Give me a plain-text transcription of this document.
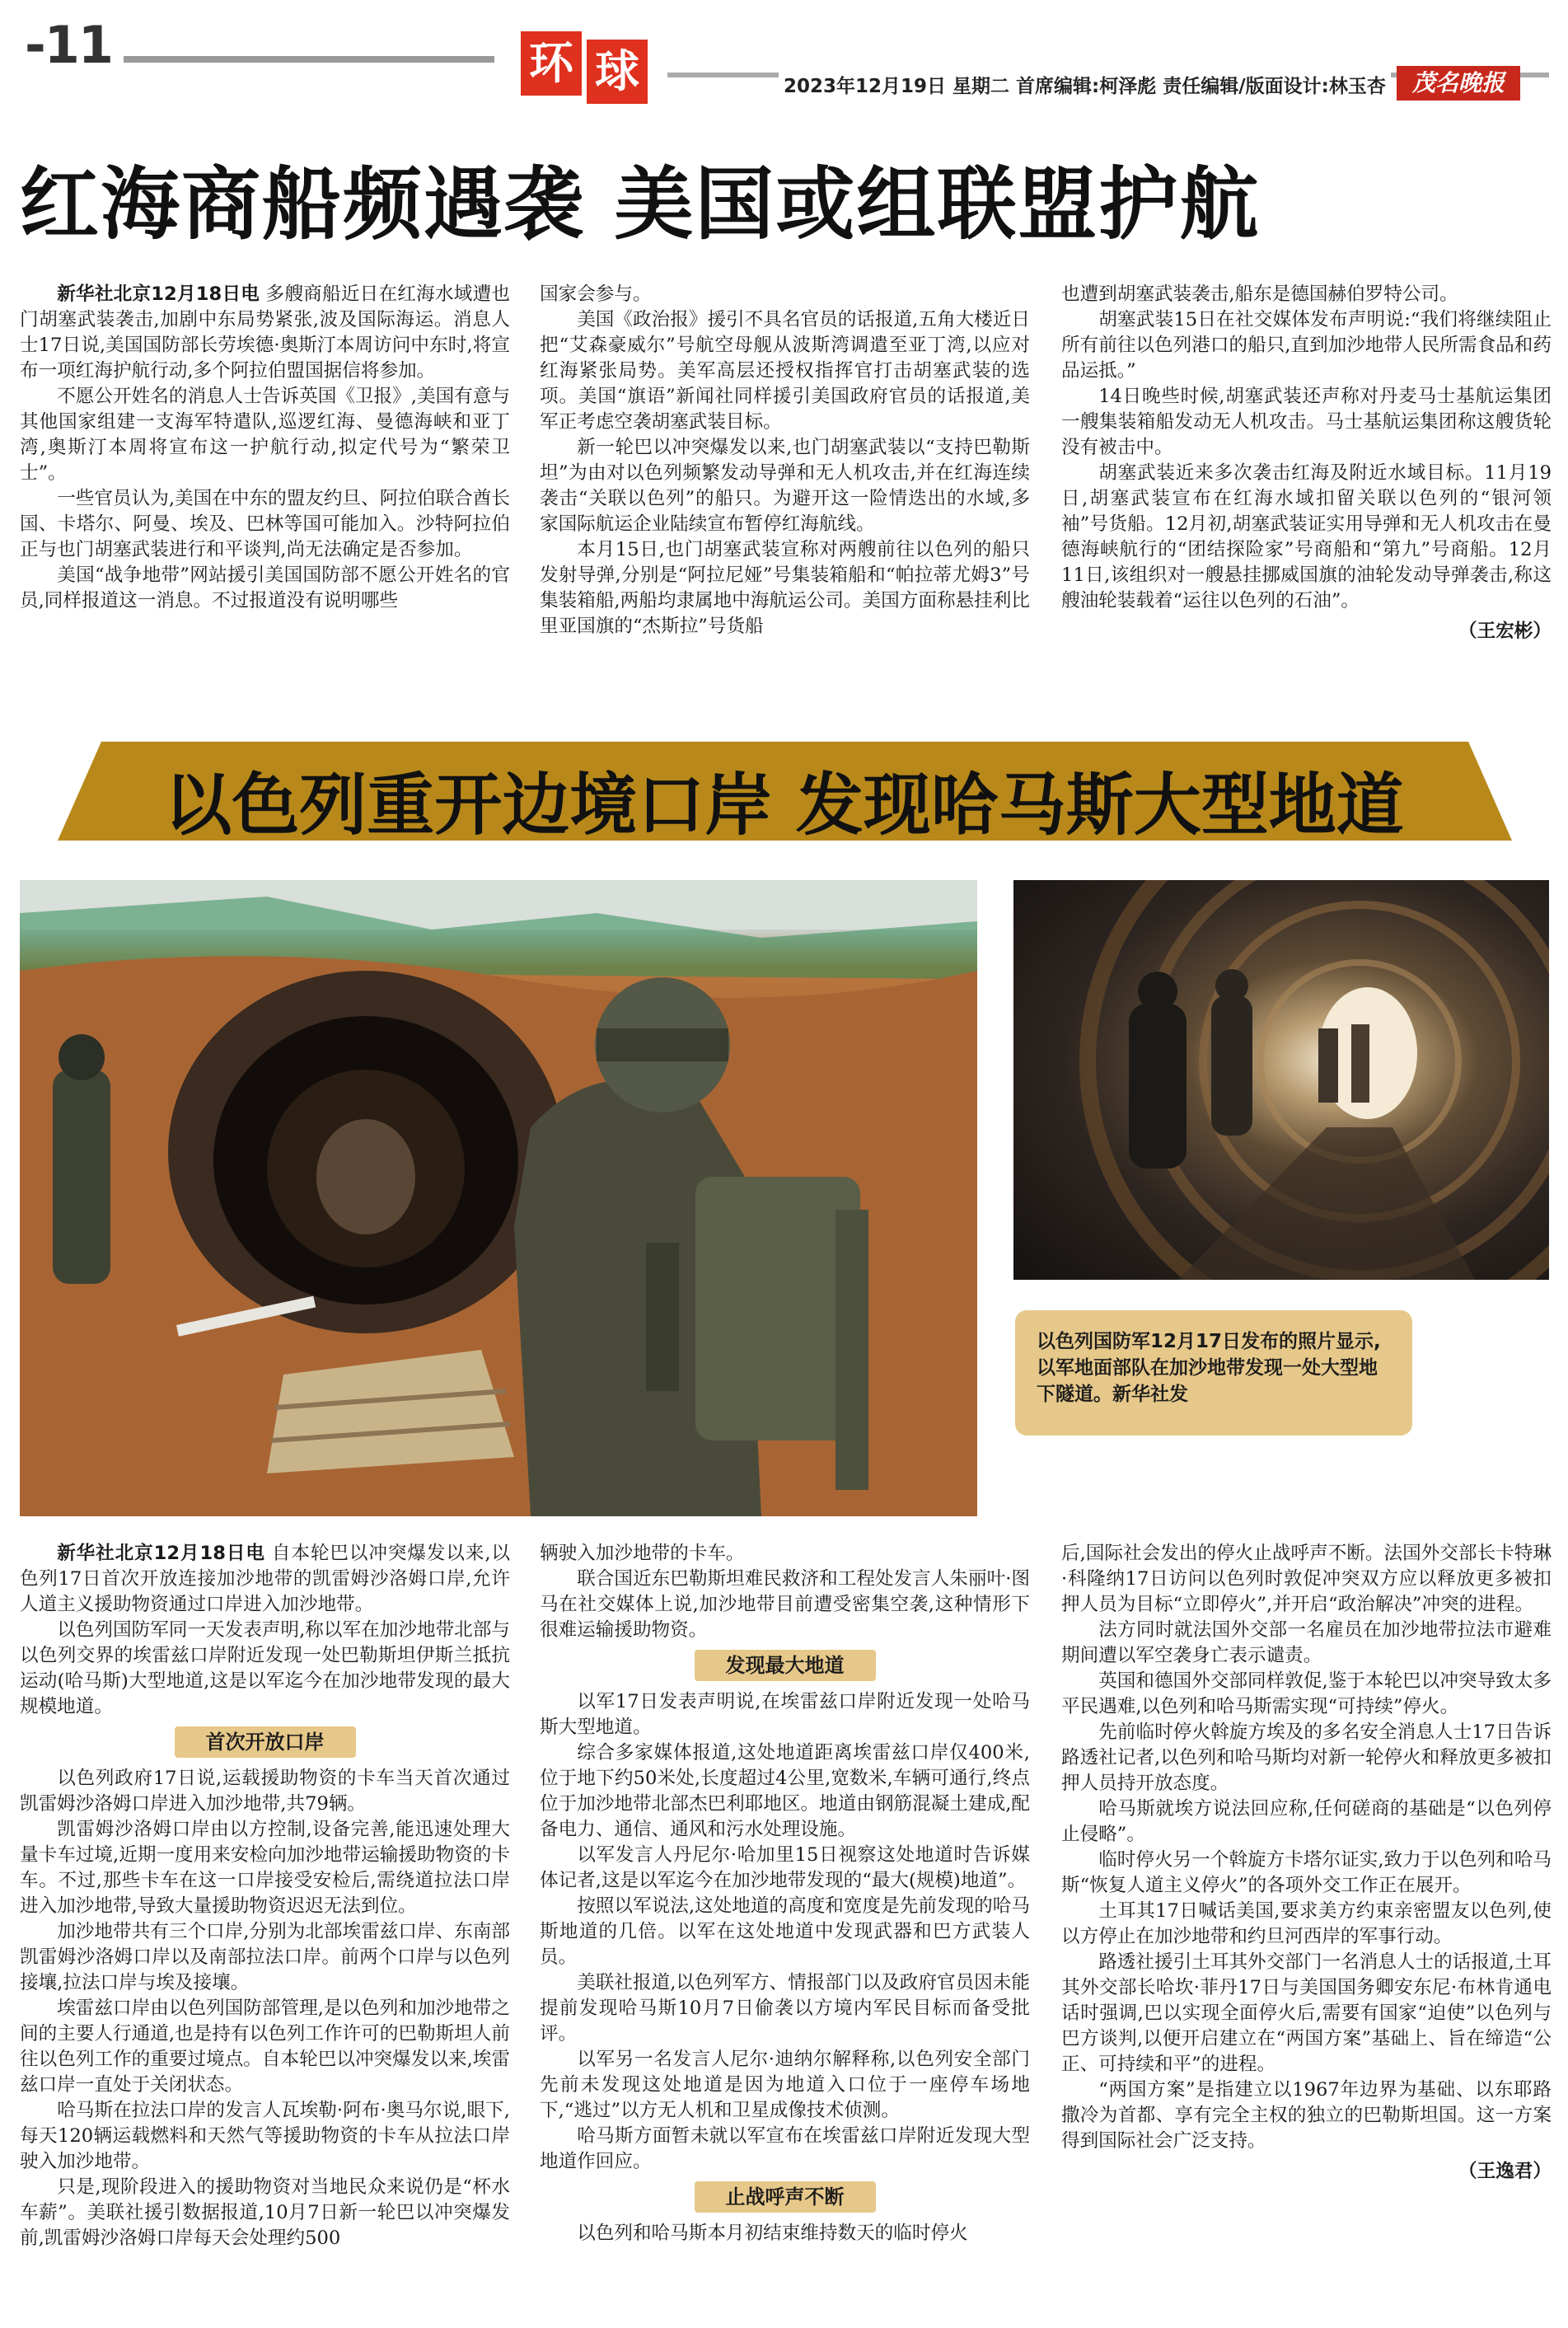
-11	环 球	2023年12月19日 星期二 首席编辑:柯泽彪 责任编辑/版面设计:林玉杏	茂名晚报
红海商船频遇袭 美国或组联盟护航

新华社北京12月18日电 多艘商船近日在红海水域遭也门胡塞武装袭击,加剧中东局势紧张,波及国际海运。消息人士17日说,美国国防部长劳埃德·奥斯汀本周访问中东时,将宣布一项红海护航行动,多个阿拉伯盟国据信将参加。

不愿公开姓名的消息人士告诉英国《卫报》,美国有意与其他国家组建一支海军特遣队,巡逻红海、曼德海峡和亚丁湾,奥斯汀本周将宣布这一护航行动,拟定代号为“繁荣卫士”。

一些官员认为,美国在中东的盟友约旦、阿拉伯联合酋长国、卡塔尔、阿曼、埃及、巴林等国可能加入。沙特阿拉伯正与也门胡塞武装进行和平谈判,尚无法确定是否参加。

美国“战争地带”网站援引美国国防部不愿公开姓名的官员,同样报道这一消息。不过报道没有说明哪些

国家会参与。

美国《政治报》援引不具名官员的话报道,五角大楼近日把“艾森豪威尔”号航空母舰从波斯湾调遣至亚丁湾,以应对红海紧张局势。美军高层还授权指挥官打击胡塞武装的选项。美国“旗语”新闻社同样援引美国政府官员的话报道,美军正考虑空袭胡塞武装目标。

新一轮巴以冲突爆发以来,也门胡塞武装以“支持巴勒斯坦”为由对以色列频繁发动导弹和无人机攻击,并在红海连续袭击“关联以色列”的船只。为避开这一险情迭出的水域,多家国际航运企业陆续宣布暂停红海航线。

本月15日,也门胡塞武装宣称对两艘前往以色列的船只发射导弹,分别是“阿拉尼娅”号集装箱船和“帕拉蒂尤姆3”号集装箱船,两船均隶属地中海航运公司。美国方面称悬挂利比里亚国旗的“杰斯拉”号货船

也遭到胡塞武装袭击,船东是德国赫伯罗特公司。

胡塞武装15日在社交媒体发布声明说:“我们将继续阻止所有前往以色列港口的船只,直到加沙地带人民所需食品和药品运抵。”

14日晚些时候,胡塞武装还声称对丹麦马士基航运集团一艘集装箱船发动无人机攻击。马士基航运集团称这艘货轮没有被击中。

胡塞武装近来多次袭击红海及附近水域目标。11月19日,胡塞武装宣布在红海水域扣留关联以色列的“银河领袖”号货船。12月初,胡塞武装证实用导弹和无人机攻击在曼德海峡航行的“团结探险家”号商船和“第九”号商船。12月11日,该组织对一艘悬挂挪威国旗的油轮发动导弹袭击,称这艘油轮装载着“运往以色列的石油”。

（王宏彬）
以色列重开边境口岸 发现哈马斯大型地道
以色列国防军12月17日发布的照片显示,以军地面部队在加沙地带发现一处大型地下隧道。新华社发

新华社北京12月18日电 自本轮巴以冲突爆发以来,以色列17日首次开放连接加沙地带的凯雷姆沙洛姆口岸,允许人道主义援助物资通过口岸进入加沙地带。

以色列国防军同一天发表声明,称以军在加沙地带北部与以色列交界的埃雷兹口岸附近发现一处巴勒斯坦伊斯兰抵抗运动(哈马斯)大型地道,这是以军迄今在加沙地带发现的最大规模地道。

首次开放口岸

以色列政府17日说,运载援助物资的卡车当天首次通过凯雷姆沙洛姆口岸进入加沙地带,共79辆。

凯雷姆沙洛姆口岸由以方控制,设备完善,能迅速处理大量卡车过境,近期一度用来安检向加沙地带运输援助物资的卡车。不过,那些卡车在这一口岸接受安检后,需绕道拉法口岸进入加沙地带,导致大量援助物资迟迟无法到位。

加沙地带共有三个口岸,分别为北部埃雷兹口岸、东南部凯雷姆沙洛姆口岸以及南部拉法口岸。前两个口岸与以色列接壤,拉法口岸与埃及接壤。

埃雷兹口岸由以色列国防部管理,是以色列和加沙地带之间的主要人行通道,也是持有以色列工作许可的巴勒斯坦人前往以色列工作的重要过境点。自本轮巴以冲突爆发以来,埃雷兹口岸一直处于关闭状态。

哈马斯在拉法口岸的发言人瓦埃勒·阿布·奥马尔说,眼下,每天120辆运载燃料和天然气等援助物资的卡车从拉法口岸驶入加沙地带。

只是,现阶段进入的援助物资对当地民众来说仍是“杯水车薪”。美联社援引数据报道,10月7日新一轮巴以冲突爆发前,凯雷姆沙洛姆口岸每天会处理约500

辆驶入加沙地带的卡车。

联合国近东巴勒斯坦难民救济和工程处发言人朱丽叶·图马在社交媒体上说,加沙地带目前遭受密集空袭,这种情形下很难运输援助物资。

发现最大地道

以军17日发表声明说,在埃雷兹口岸附近发现一处哈马斯大型地道。

综合多家媒体报道,这处地道距离埃雷兹口岸仅400米,位于地下约50米处,长度超过4公里,宽数米,车辆可通行,终点位于加沙地带北部杰巴利耶地区。地道由钢筋混凝土建成,配备电力、通信、通风和污水处理设施。

以军发言人丹尼尔·哈加里15日视察这处地道时告诉媒体记者,这是以军迄今在加沙地带发现的“最大(规模)地道”。

按照以军说法,这处地道的高度和宽度是先前发现的哈马斯地道的几倍。以军在这处地道中发现武器和巴方武装人员。

美联社报道,以色列军方、情报部门以及政府官员因未能提前发现哈马斯10月7日偷袭以方境内军民目标而备受批评。

以军另一名发言人尼尔·迪纳尔解释称,以色列安全部门先前未发现这处地道是因为地道入口位于一座停车场地下,“逃过”以方无人机和卫星成像技术侦测。

哈马斯方面暂未就以军宣布在埃雷兹口岸附近发现大型地道作回应。

止战呼声不断

以色列和哈马斯本月初结束维持数天的临时停火

后,国际社会发出的停火止战呼声不断。法国外交部长卡特琳·科隆纳17日访问以色列时敦促冲突双方应以释放更多被扣押人员为目标“立即停火”,并开启“政治解决”冲突的进程。

法方同时就法国外交部一名雇员在加沙地带拉法市避难期间遭以军空袭身亡表示谴责。

英国和德国外交部同样敦促,鉴于本轮巴以冲突导致太多平民遇难,以色列和哈马斯需实现“可持续”停火。

先前临时停火斡旋方埃及的多名安全消息人士17日告诉路透社记者,以色列和哈马斯均对新一轮停火和释放更多被扣押人员持开放态度。

哈马斯就埃方说法回应称,任何磋商的基础是“以色列停止侵略”。

临时停火另一个斡旋方卡塔尔证实,致力于以色列和哈马斯“恢复人道主义停火”的各项外交工作正在展开。

土耳其17日喊话美国,要求美方约束亲密盟友以色列,使以方停止在加沙地带和约旦河西岸的军事行动。

路透社援引土耳其外交部门一名消息人士的话报道,土耳其外交部长哈坎·菲丹17日与美国国务卿安东尼·布林肯通电话时强调,巴以实现全面停火后,需要有国家“迫使”以色列与巴方谈判,以便开启建立在“两国方案”基础上、旨在缔造“公正、可持续和平”的进程。

“两国方案”是指建立以1967年边界为基础、以东耶路撒冷为首都、享有完全主权的独立的巴勒斯坦国。这一方案得到国际社会广泛支持。

（王逸君）
